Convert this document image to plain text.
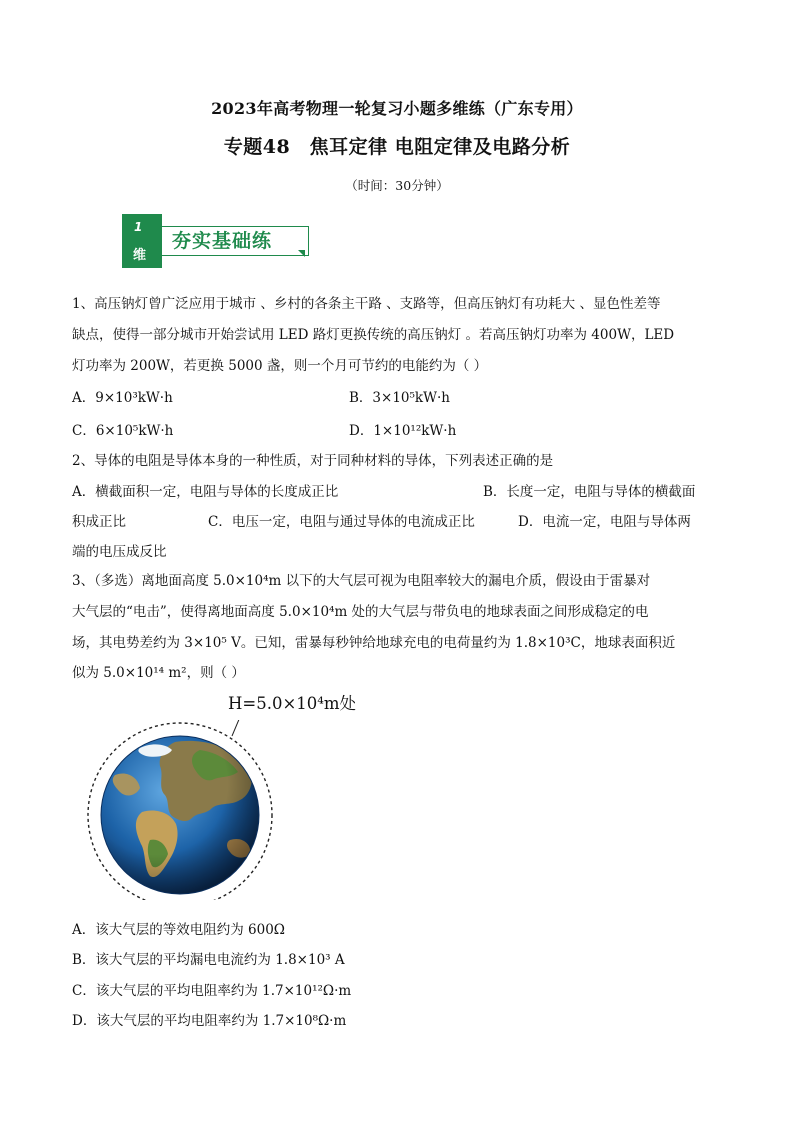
2023年高考物理一轮复习小题多维练（广东专用）
专题48　焦耳定律 电阻定律及电路分析
（时间：30分钟）
1
维
夯实基础练
1、高压钠灯曾广泛应用于城市 、乡村的各条主干路 、支路等，但高压钠灯有功耗大 、显色性差等
缺点，使得一部分城市开始尝试用 LED 路灯更换传统的高压钠灯 。若高压钠灯功率为 400W，LED
灯功率为 200W，若更换 5000 盏，则一个月可节约的电能约为（ ）
A．9×10³kW·h	B．3×10⁵kW·h
C．6×10⁵kW·h	D．1×10¹²kW·h
2、导体的电阻是导体本身的一种性质，对于同种材料的导体，下列表述正确的是
A．横截面积一定，电阻与导体的长度成正比	B．长度一定，电阻与导体的横截面
积成正比	C．电压一定，电阻与通过导体的电流成正比	D．电流一定，电阻与导体两
端的电压成反比
3、（多选）离地面高度 5.0×10⁴m 以下的大气层可视为电阻率较大的漏电介质，假设由于雷暴对
大气层的“电击”，使得离地面高度 5.0×10⁴m 处的大气层与带负电的地球表面之间形成稳定的电
场，其电势差约为 3×10⁵ V。已知，雷暴每秒钟给地球充电的电荷量约为 1.8×10³C，地球表面积近
似为 5.0×10¹⁴ m²，则（ ）
H=5.0×10⁴m处
A．该大气层的等效电阻约为 600Ω
B．该大气层的平均漏电电流约为 1.8×10³ A
C．该大气层的平均电阻率约为 1.7×10¹²Ω·m
D．该大气层的平均电阻率约为 1.7×10⁸Ω·m
